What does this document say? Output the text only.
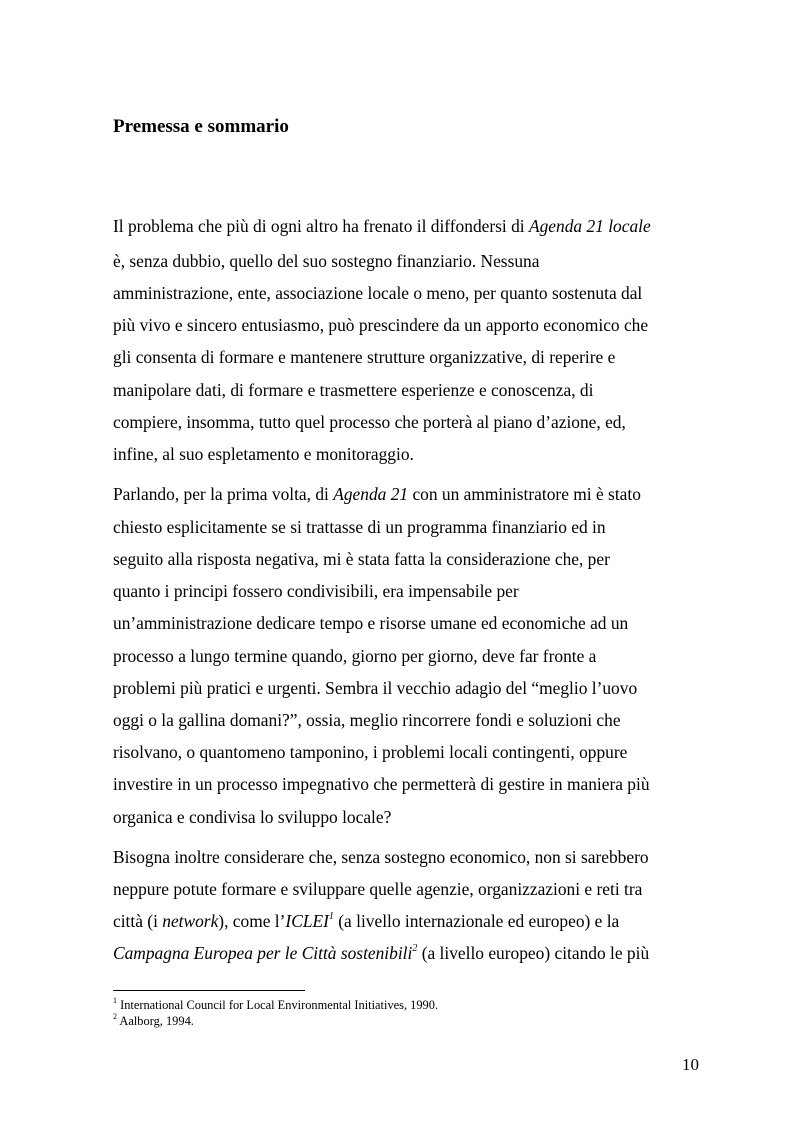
Premessa e sommario

Il problema che più di ogni altro ha frenato il diffondersi di Agenda 21 locale

è, senza dubbio, quello del suo sostegno finanziario. Nessuna

amministrazione, ente, associazione locale o meno, per quanto sostenuta dal

più vivo e sincero entusiasmo, può prescindere da un apporto economico che

gli consenta di formare e mantenere strutture organizzative, di reperire e

manipolare dati, di formare e trasmettere esperienze e conoscenza, di

compiere, insomma, tutto quel processo che porterà al piano d’azione, ed,

infine, al suo espletamento e monitoraggio.

Parlando, per la prima volta, di Agenda 21 con un amministratore mi è stato

chiesto esplicitamente se si trattasse di un programma finanziario ed in

seguito alla risposta negativa, mi è stata fatta la considerazione che, per

quanto i principi fossero condivisibili, era impensabile per

un’amministrazione dedicare tempo e risorse umane ed economiche ad un

processo a lungo termine quando, giorno per giorno, deve far fronte a

problemi più pratici e urgenti. Sembra il vecchio adagio del “meglio l’uovo

oggi o la gallina domani?”, ossia, meglio rincorrere fondi e soluzioni che

risolvano, o quantomeno tamponino, i problemi locali contingenti, oppure

investire in un processo impegnativo che permetterà di gestire in maniera più

organica e condivisa lo sviluppo locale?

Bisogna inoltre considerare che, senza sostegno economico, non si sarebbero

neppure potute formare e sviluppare quelle agenzie, organizzazioni e reti tra

città (i network), come l’ICLEI$^1$ (a livello internazionale ed europeo) e la

Campagna Europea per le Città sostenibili$^2$ (a livello europeo) citando le più

$^1$ International Council for Local Environmental Initiatives, 1990.

$^2$ Aalborg, 1994.

10
